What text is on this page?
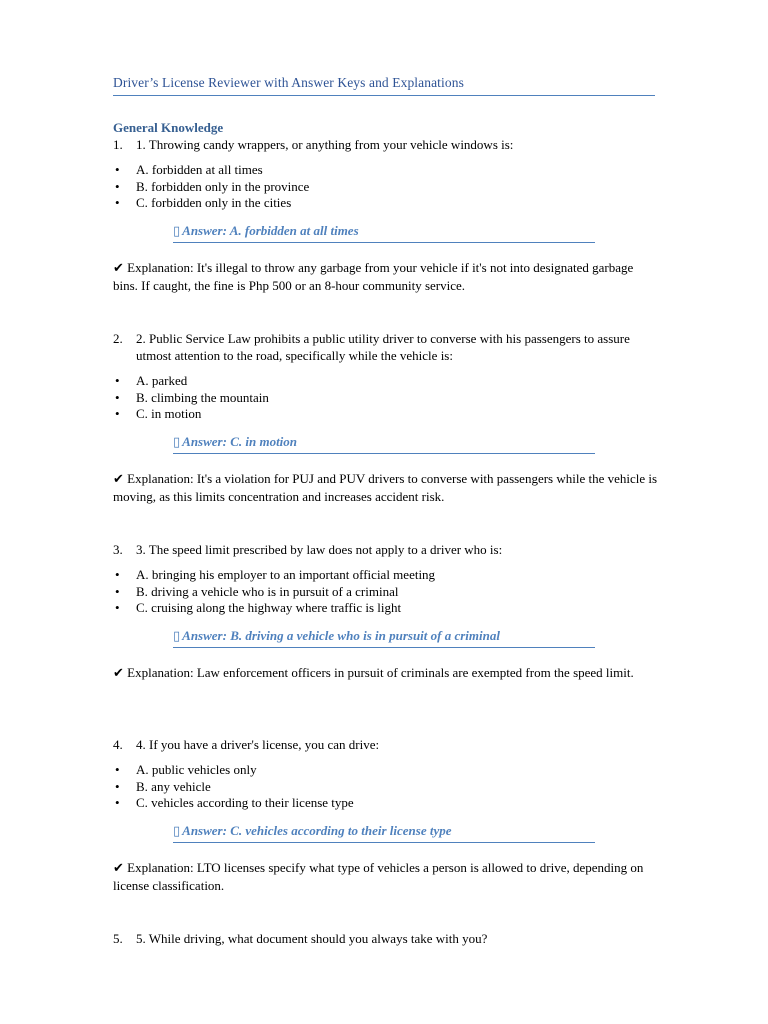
Driver’s License Reviewer with Answer Keys and Explanations
General Knowledge
1.	1. Throwing candy wrappers, or anything from your vehicle windows is:
•	A. forbidden at all times
•	B. forbidden only in the province
•	C. forbidden only in the cities
▯ Answer: A. forbidden at all times
✔ Explanation: It's illegal to throw any garbage from your vehicle if it's not into designated garbage bins. If caught, the fine is Php 500 or an 8-hour community service.
2.	2. Public Service Law prohibits a public utility driver to converse with his passengers to assure utmost attention to the road, specifically while the vehicle is:
•	A. parked
•	B. climbing the mountain
•	C. in motion
▯ Answer: C. in motion
✔ Explanation: It's a violation for PUJ and PUV drivers to converse with passengers while the vehicle is moving, as this limits concentration and increases accident risk.
3.	3. The speed limit prescribed by law does not apply to a driver who is:
•	A. bringing his employer to an important official meeting
•	B. driving a vehicle who is in pursuit of a criminal
•	C. cruising along the highway where traffic is light
▯ Answer: B. driving a vehicle who is in pursuit of a criminal
✔ Explanation: Law enforcement officers in pursuit of criminals are exempted from the speed limit.
4.	4. If you have a driver's license, you can drive:
•	A. public vehicles only
•	B. any vehicle
•	C. vehicles according to their license type
▯ Answer: C. vehicles according to their license type
✔ Explanation: LTO licenses specify what type of vehicles a person is allowed to drive, depending on license classification.
5.	5. While driving, what document should you always take with you?
